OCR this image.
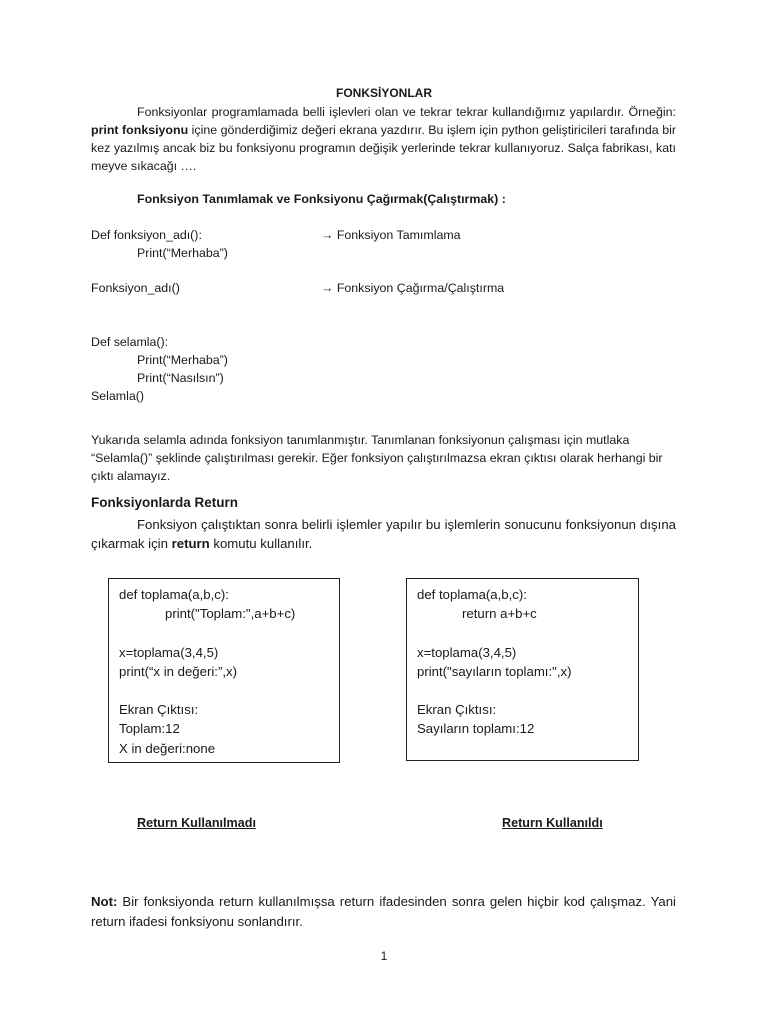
FONKSİYONLAR
Fonksiyonlar programlamada belli işlevleri olan ve tekrar tekrar kullandığımız yapılardır. Örneğin: print fonksiyonu içine gönderdiğimiz değeri ekrana yazdırır. Bu işlem için python geliştiricileri tarafında bir kez yazılmış ancak biz bu fonksiyonu programın değişik yerlerinde tekrar kullanıyoruz. Salça fabrikası, katı meyve sıkacağı ….
Fonksiyon Tanımlamak ve Fonksiyonu Çağırmak(Çalıştırmak) :
Def fonksiyon_adı():	→ Fonksiyon Tamımlama
Print(“Merhaba”)
Fonksiyon_adı()	→ Fonksiyon Çağırma/Çalıştırma
Def selamla():
Print(“Merhaba”)
Print(“Nasılsın”)
Selamla()
Yukarıda selamla adında fonksiyon tanımlanmıştır. Tanımlanan fonksiyonun çalışması için mutlaka “Selamla()” şeklinde çalıştırılması gerekir. Eğer fonksiyon çalıştırılmazsa ekran çıktısı olarak herhangi bir çıktı alamayız.
Fonksiyonlarda Return
Fonksiyon çalıştıktan sonra belirli işlemler yapılır bu işlemlerin sonucunu fonksiyonun dışına çıkarmak için return komutu kullanılır.
def toplama(a,b,c):
print("Toplam:",a+b+c)
x=toplama(3,4,5)
print(“x in değeri:”,x)
Ekran Çıktısı:
Toplam:12
X in değeri:none
def toplama(a,b,c):
return a+b+c
x=toplama(3,4,5)
print("sayıların toplamı:",x)
Ekran Çıktısı:
Sayıların toplamı:12
Return Kullanılmadı	Return Kullanıldı
Not: Bir fonksiyonda return kullanılmışsa return ifadesinden sonra gelen hiçbir kod çalışmaz. Yani return ifadesi fonksiyonu sonlandırır.
1
